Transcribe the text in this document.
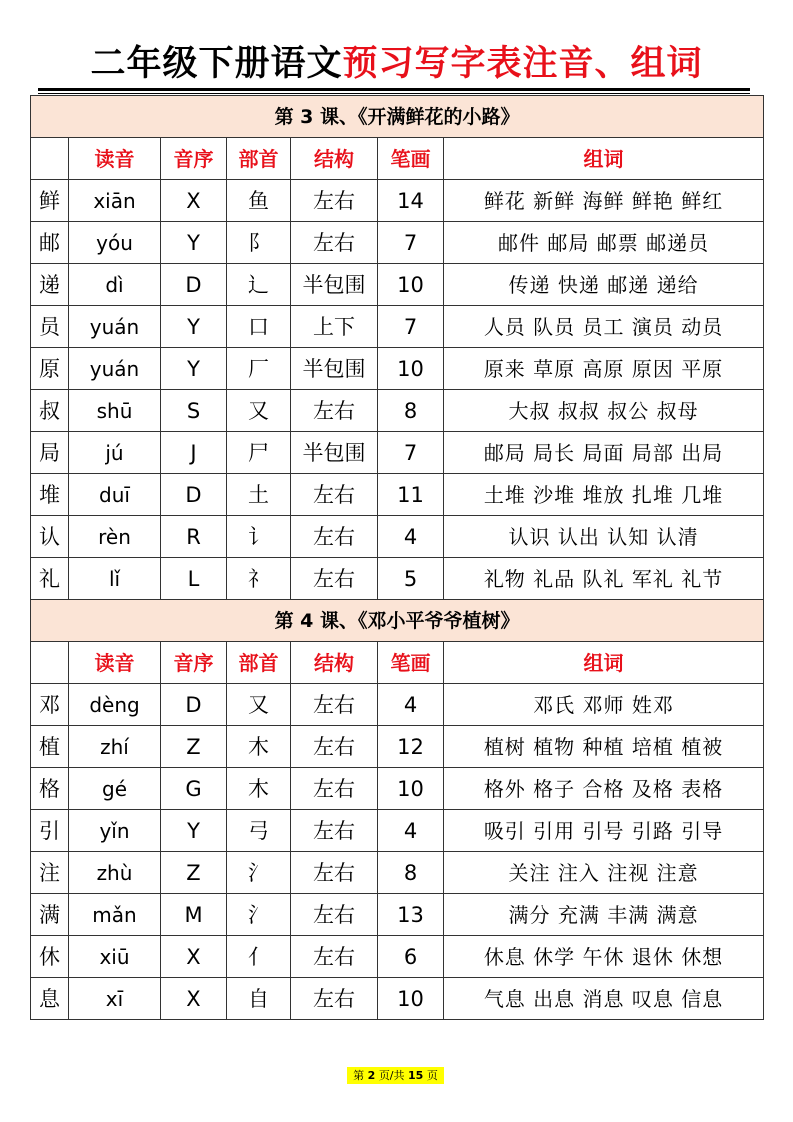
二年级下册语文预习写字表注音、组词
第 3 课、《开满鲜花的小路》						
	读音	音序	部首	结构	笔画	组词
鲜	xiān	X	鱼	左右	14	鲜花 新鲜 海鲜 鲜艳 鲜红
邮	yóu	Y	阝	左右	7	邮件 邮局 邮票 邮递员
递	dì	D	辶	半包围	10	传递 快递 邮递 递给
员	yuán	Y	口	上下	7	人员 队员 员工 演员 动员
原	yuán	Y	厂	半包围	10	原来 草原 高原 原因 平原
叔	shū	S	又	左右	8	大叔 叔叔 叔公 叔母
局	jú	J	尸	半包围	7	邮局 局长 局面 局部 出局
堆	duī	D	土	左右	11	土堆 沙堆 堆放 扎堆 几堆
认	rèn	R	讠	左右	4	认识 认出 认知 认清
礼	lǐ	L	礻	左右	5	礼物 礼品 队礼 军礼 礼节
第 4 课、《邓小平爷爷植树》						
	读音	音序	部首	结构	笔画	组词
邓	dèng	D	又	左右	4	邓氏 邓师 姓邓
植	zhí	Z	木	左右	12	植树 植物 种植 培植 植被
格	gé	G	木	左右	10	格外 格子 合格 及格 表格
引	yǐn	Y	弓	左右	4	吸引 引用 引号 引路 引导
注	zhù	Z	氵	左右	8	关注 注入 注视 注意
满	mǎn	M	氵	左右	13	满分 充满 丰满 满意
休	xiū	X	亻	左右	6	休息 休学 午休 退休 休想
息	xī	X	自	左右	10	气息 出息 消息 叹息 信息
第 2 页/共 15 页
